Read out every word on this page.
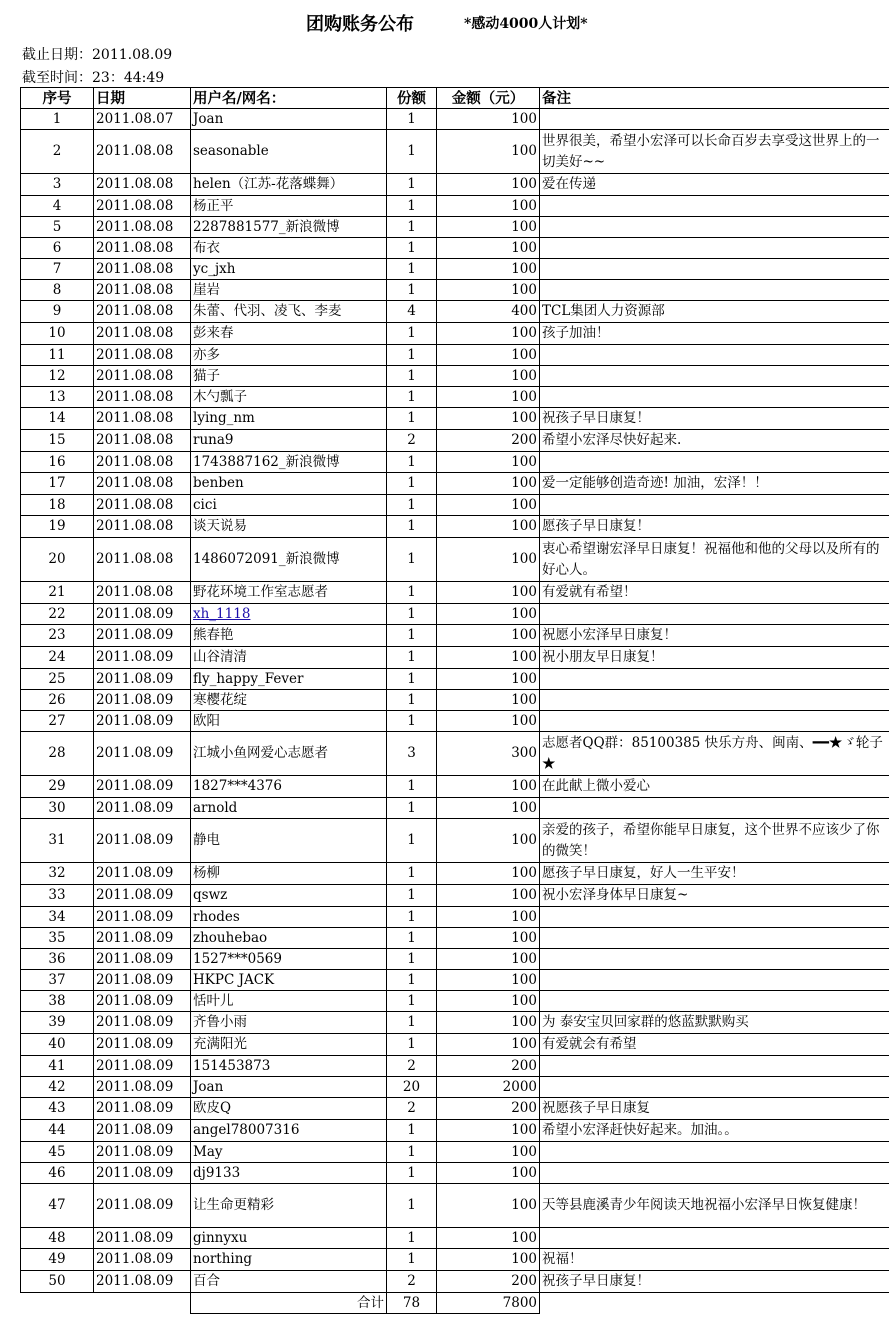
团购账务公布	*感动4000人计划*
截止日期：2011.08.09
截至时间：23：44:49
序号	日期	用户名/网名：	份额	金额（元）	备注
1	2011.08.07	Joan	1	100	
2	2011.08.08	seasonable	1	100	世界很美，希望小宏泽可以长命百岁去享受这世界上的一切美好~~
3	2011.08.08	helen（江苏-花落蝶舞）	1	100	爱在传递
4	2011.08.08	杨正平	1	100	
5	2011.08.08	2287881577_新浪微博	1	100	
6	2011.08.08	布衣	1	100	
7	2011.08.08	yc_jxh	1	100	
8	2011.08.08	崖岩	1	100	
9	2011.08.08	朱蕾、代羽、凌飞、李麦	4	400	TCL集团人力资源部
10	2011.08.08	彭来春	1	100	孩子加油！
11	2011.08.08	亦多	1	100	
12	2011.08.08	猫子	1	100	
13	2011.08.08	木勺瓢子	1	100	
14	2011.08.08	lying_nm	1	100	祝孩子早日康复！
15	2011.08.08	runa9	2	200	希望小宏泽尽快好起来.
16	2011.08.08	1743887162_新浪微博	1	100	
17	2011.08.08	benben	1	100	爱一定能够创造奇迹! 加油，宏泽！！
18	2011.08.08	cici	1	100	
19	2011.08.08	谈天说易	1	100	愿孩子早日康复！
20	2011.08.08	1486072091_新浪微博	1	100	衷心希望谢宏泽早日康复！祝福他和他的父母以及所有的好心人。
21	2011.08.08	野花环境工作室志愿者	1	100	有爱就有希望！
22	2011.08.09	xh_1118	1	100	
23	2011.08.09	熊春艳	1	100	祝愿小宏泽早日康复！
24	2011.08.09	山谷清清	1	100	祝小朋友早日康复！
25	2011.08.09	fly_happy_Fever	1	100	
26	2011.08.09	寒樱花绽	1	100	
27	2011.08.09	欧阳	1	100	
28	2011.08.09	江城小鱼网爱心志愿者	3	300	志愿者QQ群：85100385 快乐方舟、闽南、━━★ゞ轮子★
29	2011.08.09	1827***4376	1	100	在此献上微小爱心
30	2011.08.09	arnold	1	100	
31	2011.08.09	静电	1	100	亲爱的孩子，希望你能早日康复，这个世界不应该少了你的微笑！
32	2011.08.09	杨柳	1	100	愿孩子早日康复，好人一生平安！
33	2011.08.09	qswz	1	100	祝小宏泽身体早日康复~
34	2011.08.09	rhodes	1	100	
35	2011.08.09	zhouhebao	1	100	
36	2011.08.09	1527***0569	1	100	
37	2011.08.09	HKPC JACK	1	100	
38	2011.08.09	恬叶儿	1	100	
39	2011.08.09	齐鲁小雨	1	100	为 泰安宝贝回家群的悠蓝默默购买
40	2011.08.09	充满阳光	1	100	有爱就会有希望
41	2011.08.09	151453873	2	200	
42	2011.08.09	Joan	20	2000	
43	2011.08.09	欧皮Q	2	200	祝愿孩子早日康复
44	2011.08.09	angel78007316	1	100	希望小宏泽赶快好起来。加油。。
45	2011.08.09	May	1	100	
46	2011.08.09	dj9133	1	100	
47	2011.08.09	让生命更精彩	1	100	天等县鹿溪青少年阅读天地祝福小宏泽早日恢复健康！
48	2011.08.09	ginnyxu	1	100	
49	2011.08.09	northing	1	100	祝福！
50	2011.08.09	百合	2	200	祝孩子早日康复！
		合计	78	7800	
